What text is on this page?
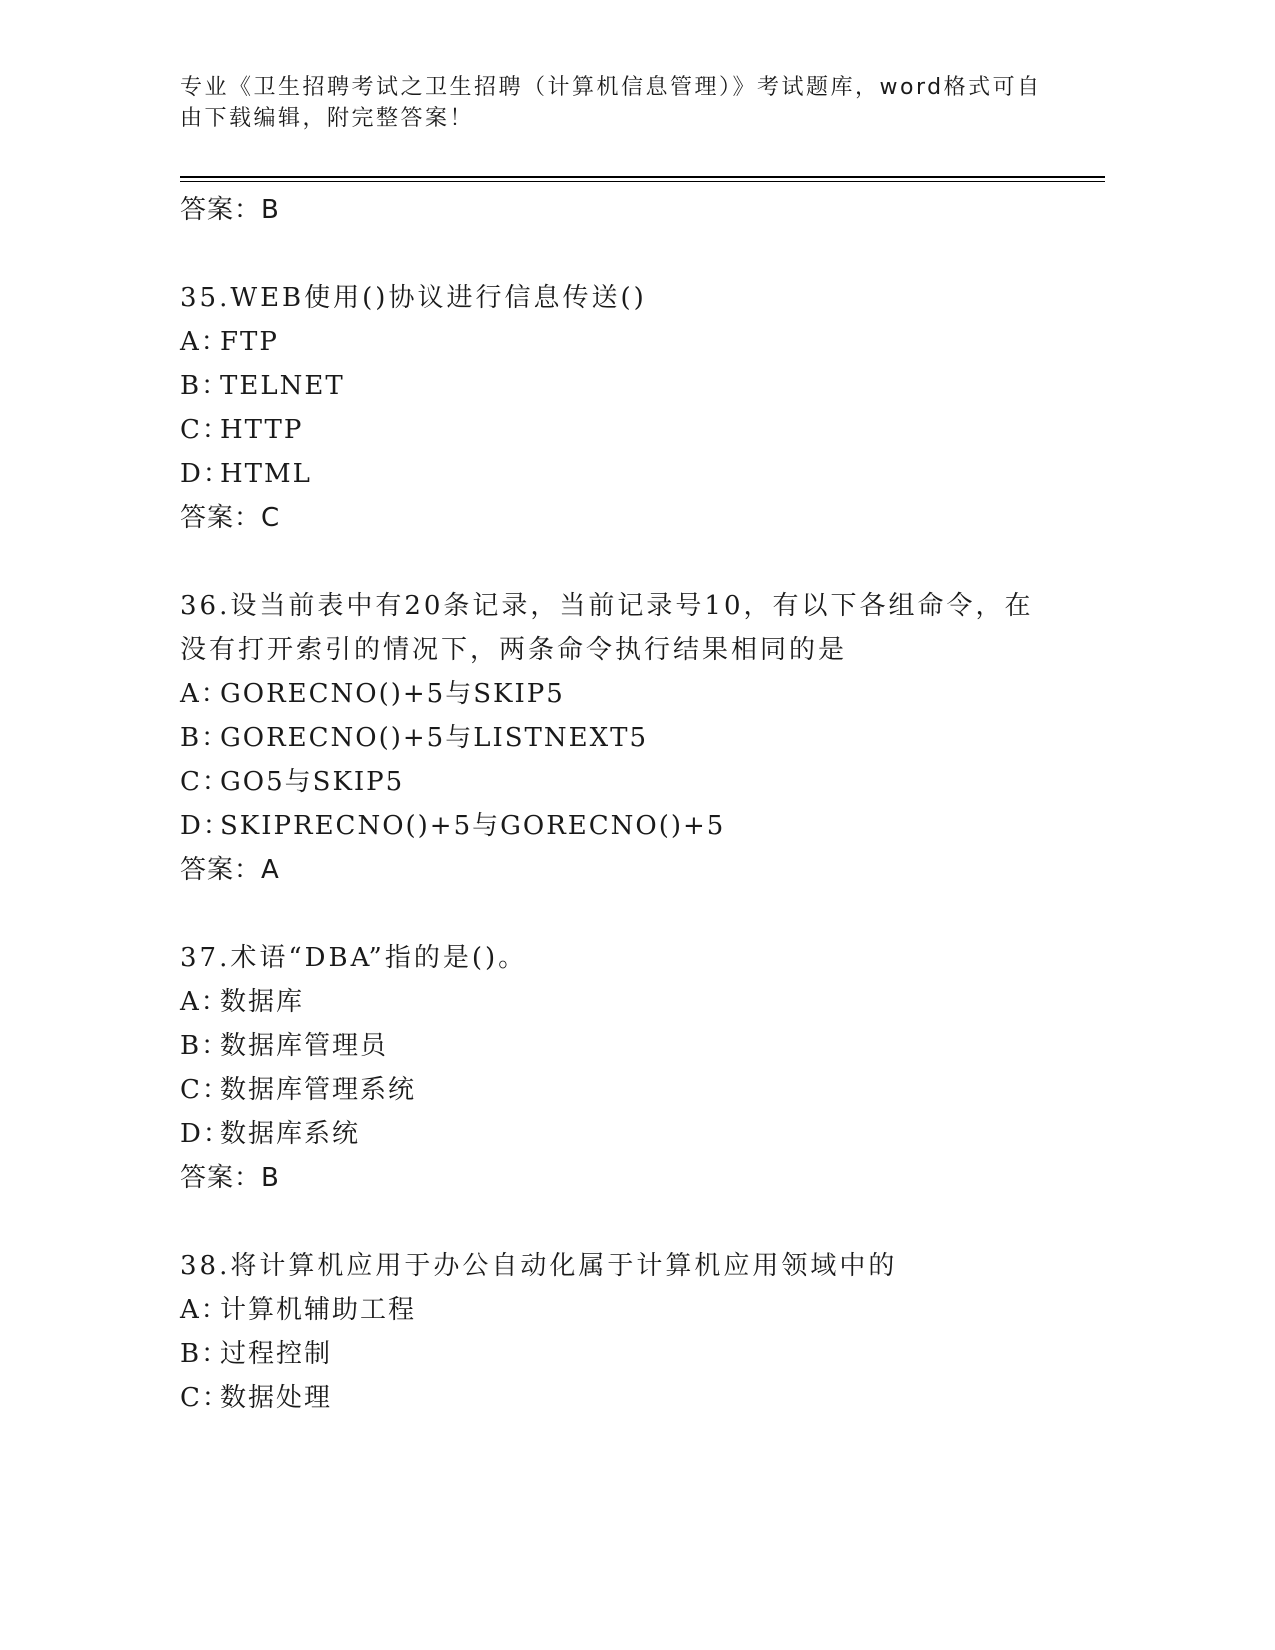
专业《卫生招聘考试之卫生招聘（计算机信息管理）》考试题库，word格式可自由下载编辑，附完整答案！
答案：B
35.WEB使用()协议进行信息传送()
A：FTP
B：TELNET
C：HTTP
D：HTML
答案：C
36.设当前表中有20条记录，当前记录号10，有以下各组命令，在没有打开索引的情况下，两条命令执行结果相同的是
A：GORECNO()+5与SKIP5
B：GORECNO()+5与LISTNEXT5
C：GO5与SKIP5
D：SKIPRECNO()+5与GORECNO()+5
答案：A
37.术语“DBA”指的是()。
A：数据库
B：数据库管理员
C：数据库管理系统
D：数据库系统
答案：B
38.将计算机应用于办公自动化属于计算机应用领域中的
A：计算机辅助工程
B：过程控制
C：数据处理
